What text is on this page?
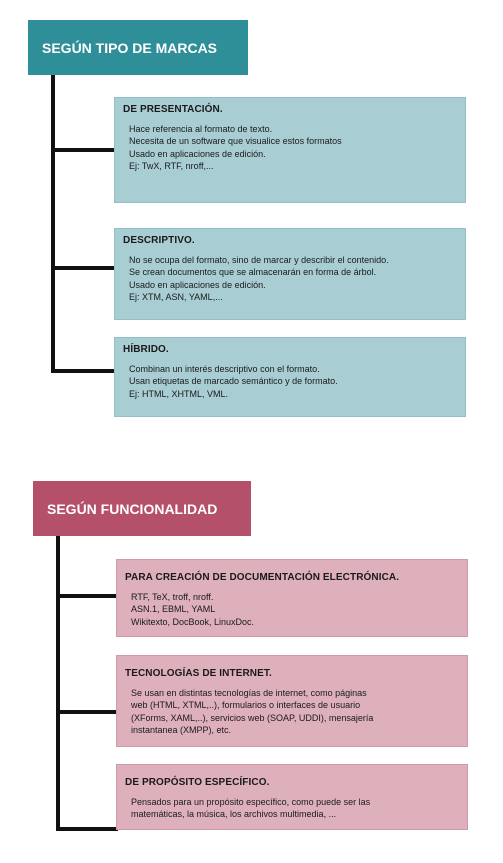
SEGÚN TIPO DE MARCAS
DE PRESENTACIÓN.
Hace referencia al formato de texto.
Necesita de un software que visualice estos formatos
Usado en aplicaciones de edición.
Ej: TwX, RTF, nroff,...
DESCRIPTIVO.
No se ocupa del formato, sino de marcar y describir el contenido.
Se crean documentos que se almacenarán en forma de árbol.
Usado en aplicaciones de edición.
Ej: XTM, ASN, YAML,...
HÍBRIDO.
Combinan un interés descriptivo con el formato.
Usan etiquetas de marcado semántico y de formato.
Ej: HTML, XHTML, VML.
SEGÚN FUNCIONALIDAD
PARA CREACIÓN DE DOCUMENTACIÓN ELECTRÓNICA.
RTF, TeX, troff, nroff.
ASN.1, EBML, YAML
Wikitexto, DocBook, LinuxDoc.
TECNOLOGÍAS DE INTERNET.
Se usan en distintas tecnologías de internet, como páginas
web (HTML, XTML,..), formularios o interfaces de usuario
(XForms, XAML,..), servicios web (SOAP, UDDI), mensajería
instantanea (XMPP), etc.
DE PROPÓSITO ESPECÍFICO.
Pensados para un propósito específico, como puede ser las
matemáticas, la música, los archivos multimedia, ...
